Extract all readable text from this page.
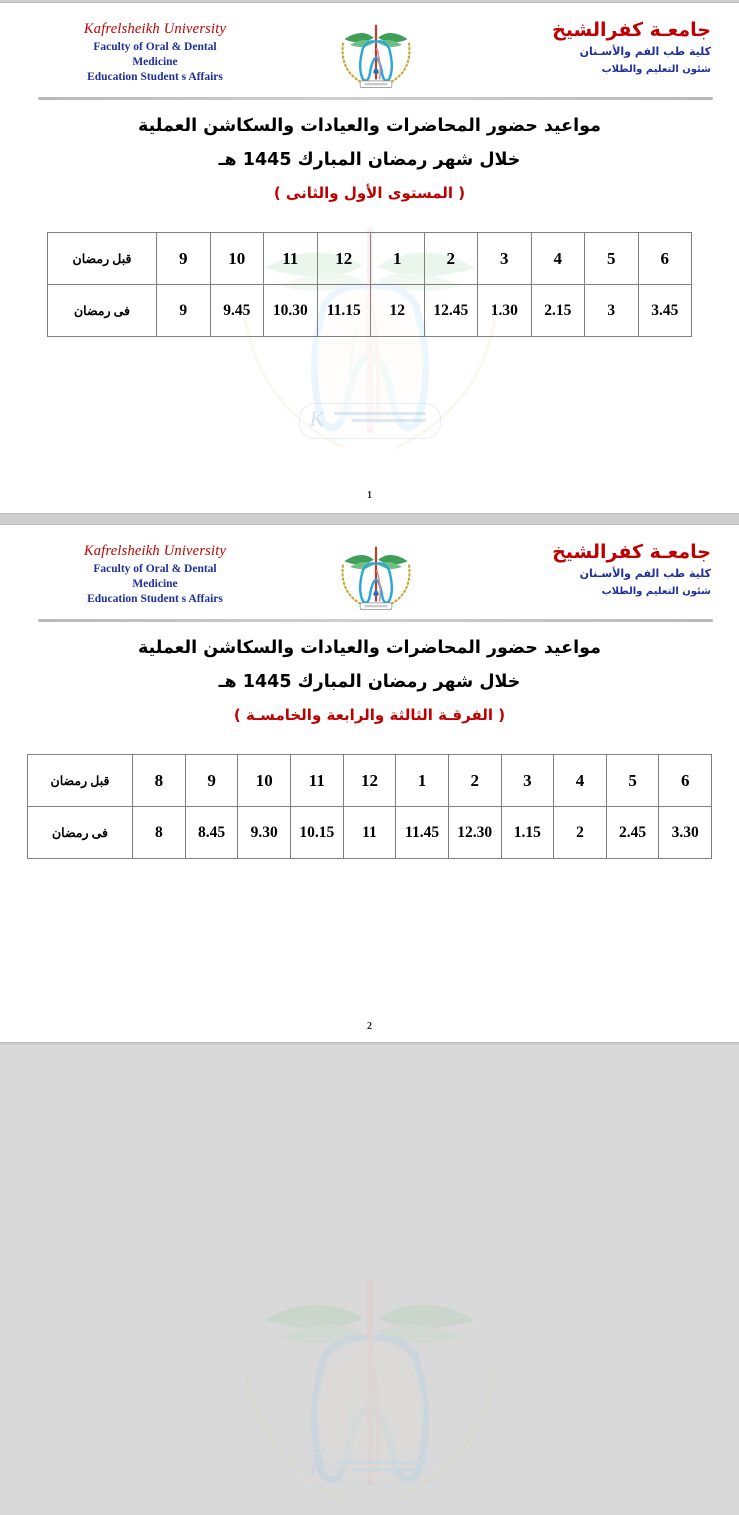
K
Kafrelsheikh University
Faculty of Oral & Dental
Medicine
Education Student s Affairs
جامعـة كفرالشيخ
كلية طب الفم والأسـنان
شئون التعليم والطلاب
مواعيد حضور المحاضرات والعيادات والسكاشن العملية
خلال شهر رمضان المبارك 1445 هـ
( المستوى الأول والثانى )
6	5	4	3	2	1	12	11	10	9	قبل رمضان
3.45	3	2.15	1.30	12.45	12	11.15	10.30	9.45	9	فى رمضان
1
K
Kafrelsheikh University
Faculty of Oral & Dental
Medicine
Education Student s Affairs
جامعـة كفرالشيخ
كلية طب الفم والأسـنان
شئون التعليم والطلاب
مواعيد حضور المحاضرات والعيادات والسكاشن العملية
خلال شهر رمضان المبارك 1445 هـ
( الفرقـة الثالثة والرابعة والخامسـة )
6	5	4	3	2	1	12	11	10	9	8	قبل رمضان
3.30	2.45	2	1.15	12.30	11.45	11	10.15	9.30	8.45	8	فى رمضان
2
